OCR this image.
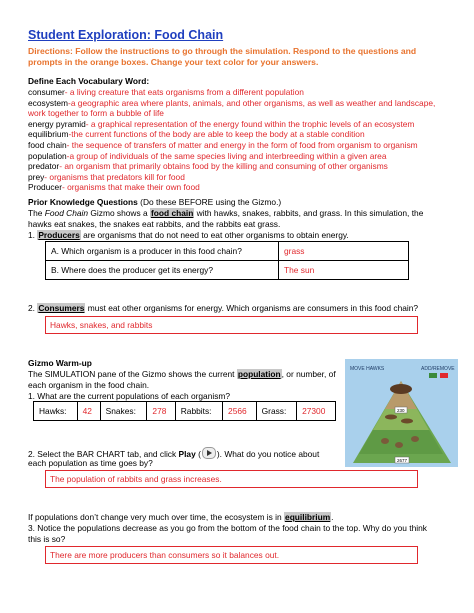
Student Exploration: Food Chain
Directions: Follow the instructions to go through the simulation. Respond to the questions and prompts in the orange boxes. Change your text color for your answers.
Define Each Vocabulary Word:
consumer- a living creature that eats organisms from a different population
ecosystem-a geographic area where plants, animals, and other organisms, as well as weather and landscape,
work together to form a bubble of life
energy pyramid- a graphical representation of the energy found within the trophic levels of an ecosystem
equilibrium-the current functions of the body are able to keep the body at a stable condition
food chain- the sequence of transfers of matter and energy in the form of food from organism to organism
population-a group of individuals of the same species living and interbreeding within a given area
predator- an organism that primarily obtains food by the killing and consuming of other organisms
prey- organisms that predators kill for food
Producer- organisms that make their own food
Prior Knowledge Questions (Do these BEFORE using the Gizmo.)
The Food Chain Gizmo shows a food chain with hawks, snakes, rabbits, and grass. In this simulation, the
hawks eat snakes, the snakes eat rabbits, and the rabbits eat grass.
1. Producers are organisms that do not need to eat other organisms to obtain energy.
A. Which organism is a producer in this food chain?	grass
B. Where does the producer get its energy?	The sun
2. Consumers must eat other organisms for energy. Which organisms are consumers in this food chain?
Hawks, snakes, and rabbits
Gizmo Warm-up
The SIMULATION pane of the Gizmo shows the current population, or number, of
each organism in the food chain.
1. What are the current populations of each organism?
Hawks:	42	Snakes:	278	Rabbits:	2566	Grass:	27300
2. Select the BAR CHART tab, and click Play ( ). What do you notice about
each population as time goes by?
The population of rabbits and grass increases.
If populations don’t change very much over time, the ecosystem is in equilibrium.
3. Notice the populations decrease as you go from the bottom of the food chain to the top. Why do you think
this is so?
There are more producers than consumers so it balances out.
MOVE HAWKS	ADD/REMOVE
230
2677
